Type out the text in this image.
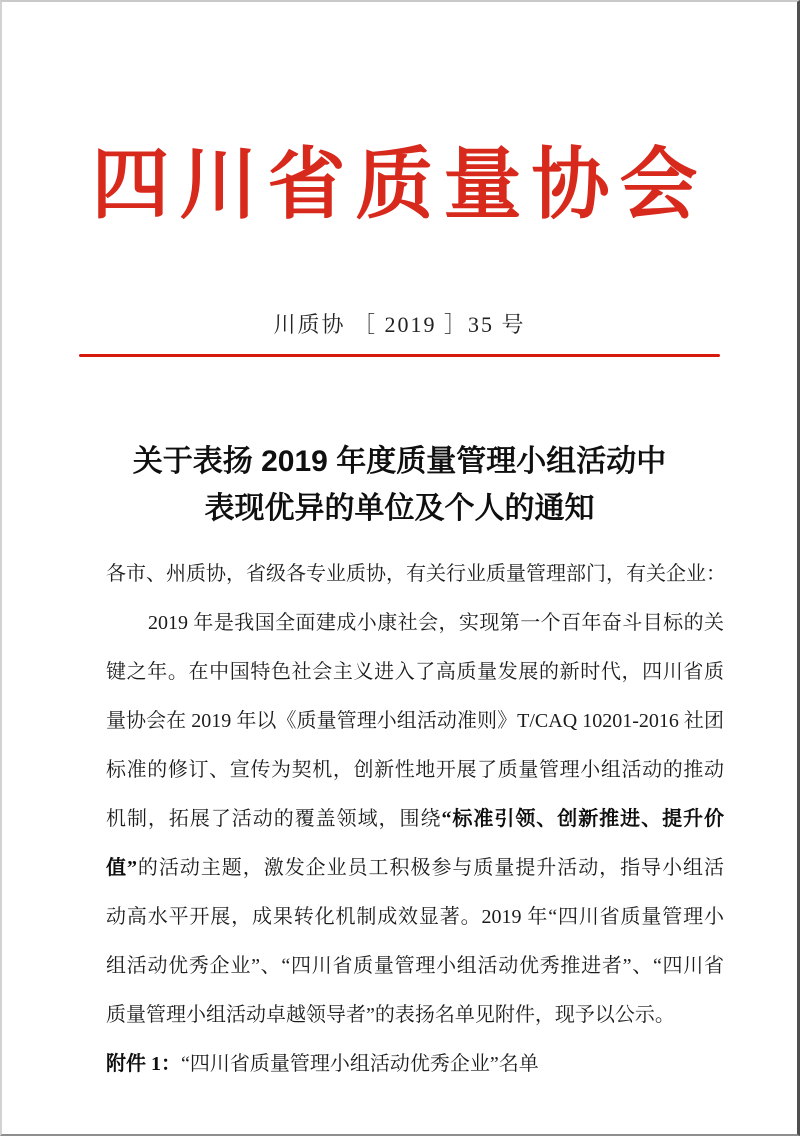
四川省质量协会
川质协 ［ 2019 ］35 号
关于表扬 2019 年度质量管理小组活动中
表现优异的单位及个人的通知
各市、州质协，省级各专业质协，有关行业质量管理部门，有关企业：
2019 年是我国全面建成小康社会，实现第一个百年奋斗目标的关
键之年。在中国特色社会主义进入了高质量发展的新时代，四川省质
量协会在 2019 年以《质量管理小组活动准则》T/CAQ 10201-2016 社团
标准的修订、宣传为契机，创新性地开展了质量管理小组活动的推动
机制，拓展了活动的覆盖领域，围绕“标准引领、创新推进、提升价
值”的活动主题，激发企业员工积极参与质量提升活动，指导小组活
动高水平开展，成果转化机制成效显著。2019 年“四川省质量管理小
组活动优秀企业”、“四川省质量管理小组活动优秀推进者”、“四川省
质量管理小组活动卓越领导者”的表扬名单见附件，现予以公示。
附件 1：“四川省质量管理小组活动优秀企业”名单
